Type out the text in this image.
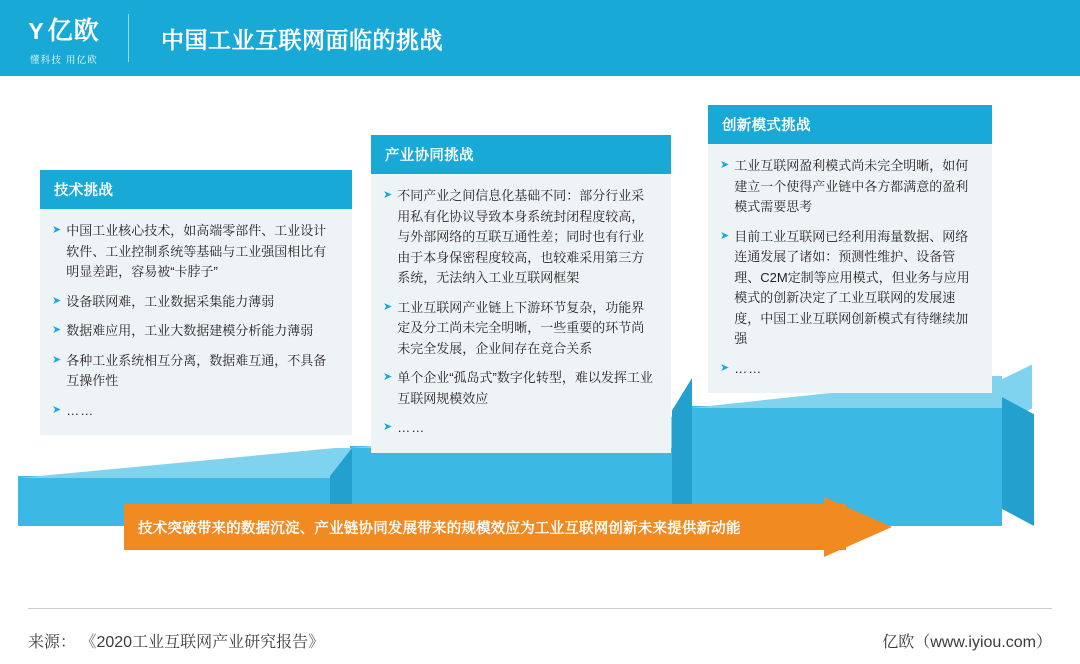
Y 亿欧
懂科技 用亿欧
中国工业互联网面临的挑战
技术挑战
➤ 中国工业核心技术，如高端零部件、工业设计软件、工业控制系统等基础与工业强国相比有明显差距，容易被“卡脖子”
➤ 设备联网难，工业数据采集能力薄弱
➤ 数据难应用，工业大数据建模分析能力薄弱
➤ 各种工业系统相互分离，数据难互通，不具备互操作性
➤ ……
产业协同挑战
➤ 不同产业之间信息化基础不同：部分行业采用私有化协议导致本身系统封闭程度较高，与外部网络的互联互通性差；同时也有行业由于本身保密程度较高，也较难采用第三方系统，无法纳入工业互联网框架
➤ 工业互联网产业链上下游环节复杂，功能界定及分工尚未完全明晰，一些重要的环节尚未完全发展，企业间存在竞合关系
➤ 单个企业“孤岛式”数字化转型，难以发挥工业互联网规模效应
➤ ……
创新模式挑战
➤ 工业互联网盈利模式尚未完全明晰，如何建立一个使得产业链中各方都满意的盈利模式需要思考
➤ 目前工业互联网已经利用海量数据、网络连通发展了诸如：预测性维护、设备管理、C2M定制等应用模式，但业务与应用模式的创新决定了工业互联网的发展速度，中国工业互联网创新模式有待继续加强
➤ ……
技术突破带来的数据沉淀、产业链协同发展带来的规模效应为工业互联网创新未来提供新动能
来源： 《2020工业互联网产业研究报告》	亿欧（www.iyiou.com）
